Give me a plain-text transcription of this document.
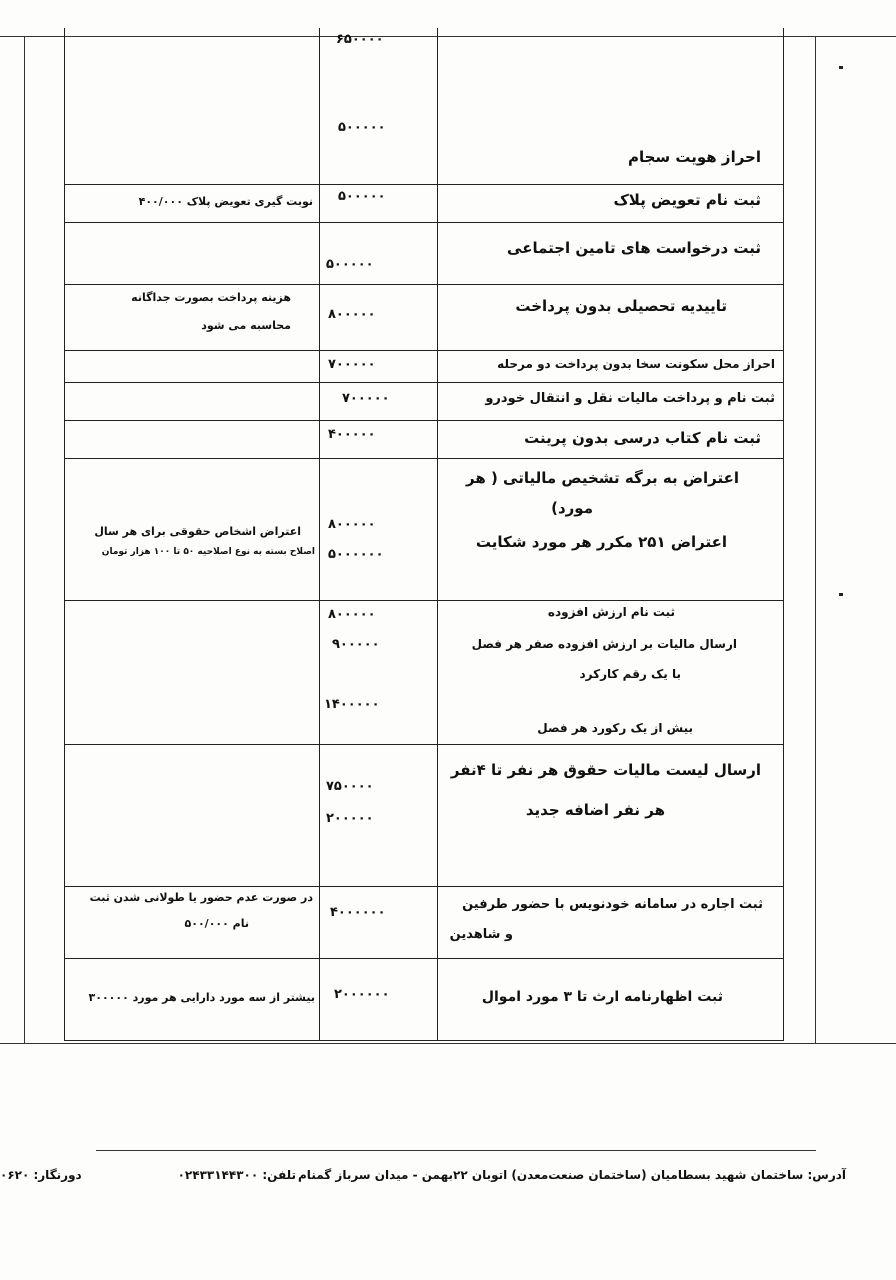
احراز هویت سجام
۶۵۰۰۰۰
۵۰۰۰۰۰
ثبت نام تعویض پلاک
۵۰۰۰۰۰
نوبت گیری تعویض پلاک ۴۰۰/۰۰۰
ثبت درخواست های تامین اجتماعی
۵۰۰۰۰۰
تاییدیه تحصیلی بدون پرداخت
۸۰۰۰۰۰
هزینه پرداخت بصورت جداگانه
محاسبه می شود
احراز محل سکونت سخا بدون پرداخت دو مرحله
۷۰۰۰۰۰
ثبت نام و پرداخت مالیات نقل و انتقال خودرو
۷۰۰۰۰۰
ثبت نام کتاب درسی بدون پرینت
۴۰۰۰۰۰
اعتراض به برگه تشخیص مالیاتی ( هر
مورد)
اعتراض ۲۵۱ مکرر هر مورد شکایت
۸۰۰۰۰۰
۵۰۰۰۰۰۰
اعتراض اشخاص حقوقی برای هر سال
اصلاح بسته به نوع اصلاحیه ۵۰ تا ۱۰۰ هزار تومان
ثبت نام ارزش افزوده
ارسال مالیات بر ارزش افزوده صفر هر فصل
با یک رقم کارکرد
بیش از یک رکورد هر فصل
۸۰۰۰۰۰
۹۰۰۰۰۰
۱۴۰۰۰۰۰
ارسال لیست مالیات حقوق هر نفر تا ۴نفر
هر نفر اضافه جدید
۷۵۰۰۰۰
۲۰۰۰۰۰
ثبت اجاره در سامانه خودنویس با حضور طرفین
و شاهدین
۴۰۰۰۰۰۰
در صورت عدم حضور یا طولانی شدن ثبت
نام ۵۰۰/۰۰۰
ثبت اظهارنامه ارث تا ۳ مورد اموال
۲۰۰۰۰۰۰
بیشتر از سه مورد دارایی هر مورد ۳۰۰۰۰۰
آدرس: ساختمان شهید بسطامیان (ساختمان صنعت‌معدن) اتوبان ۲۲بهمن - میدان سرباز گمنام
تلفن: ۰۲۴۳۳۱۴۴۳۰۰
دورنگار: ۰۶۲۰
